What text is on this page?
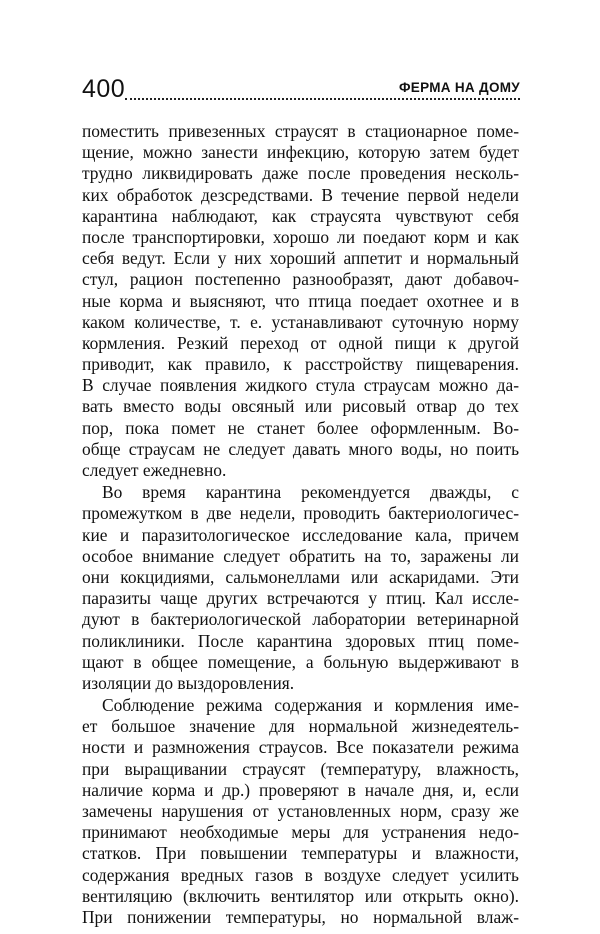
400	ФЕРМА НА ДОМУ
поместить привезенных страусят в стационарное поме-
щение, можно занести инфекцию, которую затем будет
трудно ликвидировать даже после проведения несколь-
ких обработок дезсредствами. В течение первой недели
карантина наблюдают, как страусята чувствуют себя
после транспортировки, хорошо ли поедают корм и как
себя ведут. Если у них хороший аппетит и нормальный
стул, рацион постепенно разнообразят, дают добавоч-
ные корма и выясняют, что птица поедает охотнее и в
каком количестве, т. е. устанавливают суточную норму
кормления. Резкий переход от одной пищи к другой
приводит, как правило, к расстройству пищеварения.
В случае появления жидкого стула страусам можно да-
вать вместо воды овсяный или рисовый отвар до тех
пор, пока помет не станет более оформленным. Во-
обще страусам не следует давать много воды, но поить
следует ежедневно.
Во время карантина рекомендуется дважды, с
промежутком в две недели, проводить бактериологичес-
кие и паразитологическое исследование кала, причем
особое внимание следует обратить на то, заражены ли
они кокцидиями, сальмонеллами или аскаридами. Эти
паразиты чаще других встречаются у птиц. Кал иссле-
дуют в бактериологической лаборатории ветеринарной
поликлиники. После карантина здоровых птиц поме-
щают в общее помещение, а больную выдерживают в
изоляции до выздоровления.
Соблюдение режима содержания и кормления име-
ет большое значение для нормальной жизнедеятель-
ности и размножения страусов. Все показатели режима
при выращивании страусят (температуру, влажность,
наличие корма и др.) проверяют в начале дня, и, если
замечены нарушения от установленных норм, сразу же
принимают необходимые меры для устранения недо-
статков. При повышении температуры и влажности,
содержания вредных газов в воздухе следует усилить
вентиляцию (включить вентилятор или открыть окно).
При понижении температуры, но нормальной влаж-
